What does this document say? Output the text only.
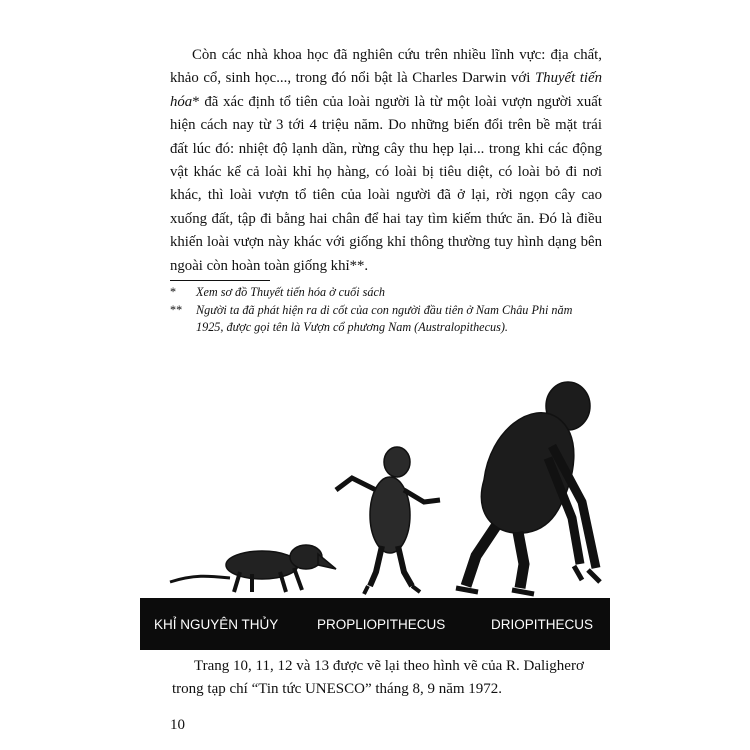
Còn các nhà khoa học đã nghiên cứu trên nhiều lĩnh vực: địa chất, khảo cổ, sinh học..., trong đó nổi bật là Charles Darwin với Thuyết tiến hóa* đã xác định tổ tiên của loài người là từ một loài vượn người xuất hiện cách nay từ 3 tới 4 triệu năm. Do những biến đổi trên bề mặt trái đất lúc đó: nhiệt độ lạnh dần, rừng cây thu hẹp lại... trong khi các động vật khác kể cả loài khỉ họ hàng, có loài bị tiêu diệt, có loài bỏ đi nơi khác, thì loài vượn tổ tiên của loài người đã ở lại, rời ngọn cây cao xuống đất, tập đi bằng hai chân để hai tay tìm kiếm thức ăn. Đó là điều khiến loài vượn này khác với giống khỉ thông thường tuy hình dạng bên ngoài còn hoàn toàn giống khỉ**.

*	Xem sơ đồ Thuyết tiến hóa ở cuối sách
**	Người ta đã phát hiện ra di cốt của con người đầu tiên ở Nam Châu Phi năm 1925, được gọi tên là Vượn cổ phương Nam (Australopithecus).
KHỈ NGUYÊN THỦY	PROPLIOPITHECUS	DRIOPITHECUS

Trang 10, 11, 12 và 13 được vẽ lại theo hình vẽ của R. Daligherơ trong tạp chí “Tin tức UNESCO” tháng 8, 9 năm 1972.

10
